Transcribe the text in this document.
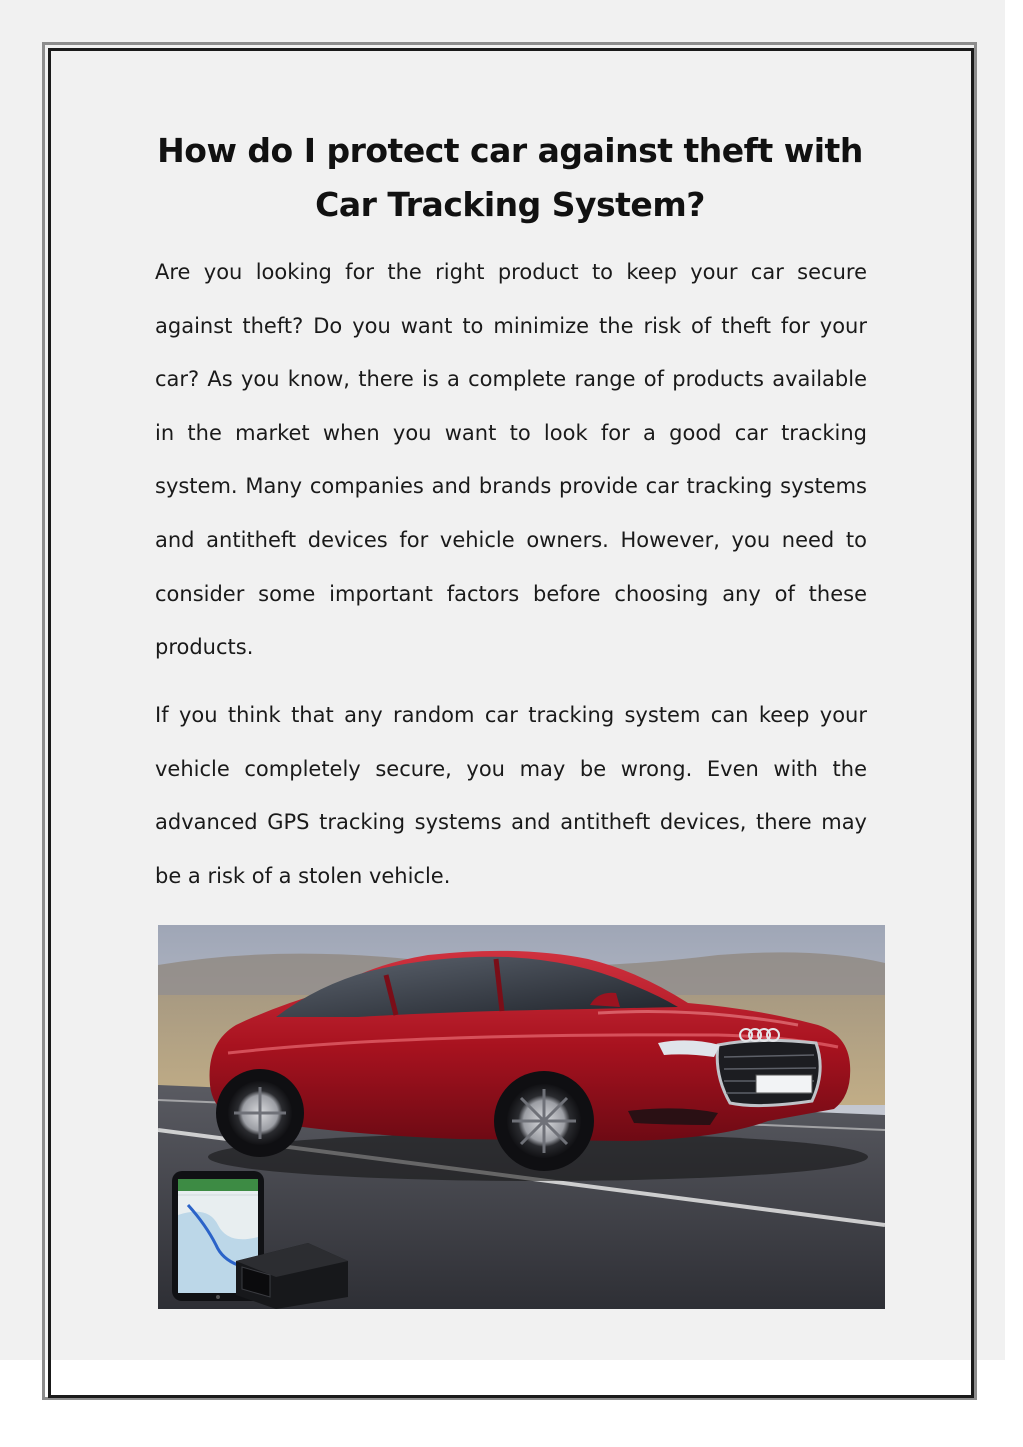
How do I protect car against theft with Car Tracking System?

Are you looking for the right product to keep your car secure against theft? Do you want to minimize the risk of theft for your car? As you know, there is a complete range of products available in the market when you want to look for a good car tracking system. Many companies and brands provide car tracking systems and antitheft devices for vehicle owners. However, you need to consider some important factors before choosing any of these products.

If you think that any random car tracking system can keep your vehicle completely secure, you may be wrong. Even with the advanced GPS tracking systems and antitheft devices, there may be a risk of a stolen vehicle.
